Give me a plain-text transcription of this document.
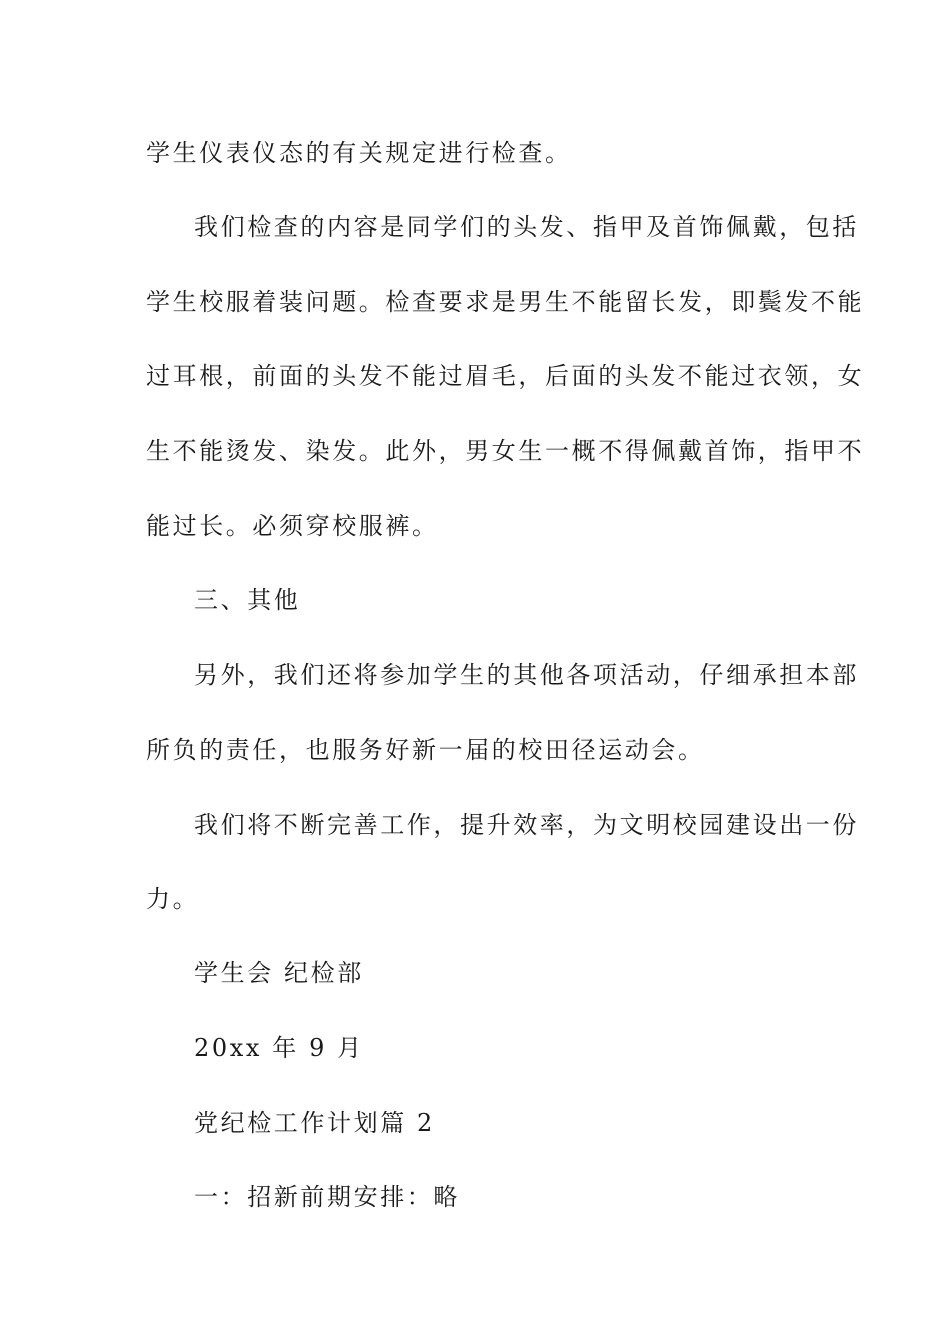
学生仪表仪态的有关规定进行检查。
我们检查的内容是同学们的头发、指甲及首饰佩戴，包括
学生校服着装问题。检查要求是男生不能留长发，即鬓发不能
过耳根，前面的头发不能过眉毛，后面的头发不能过衣领，女
生不能烫发、染发。此外，男女生一概不得佩戴首饰，指甲不
能过长。必须穿校服裤。
三、其他
另外，我们还将参加学生的其他各项活动，仔细承担本部
所负的责任，也服务好新一届的校田径运动会。
我们将不断完善工作，提升效率，为文明校园建设出一份
力。
学生会 纪检部
20xx 年 9 月
党纪检工作计划篇 2
一：招新前期安排：略
